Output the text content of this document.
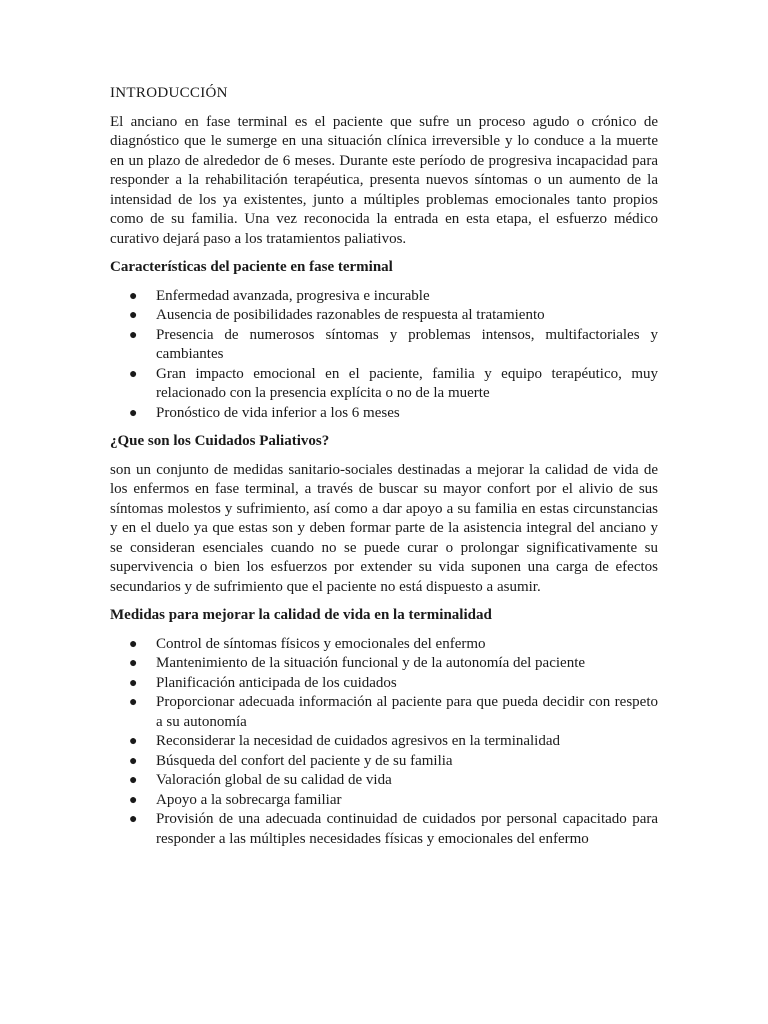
INTRODUCCIÓN

El anciano en fase terminal es el paciente que sufre un proceso agudo o crónico de diagnóstico que le sumerge en una situación clínica irreversible y lo conduce a la muerte en un plazo de alrededor de 6 meses. Durante este período de progresiva incapacidad para responder a la rehabilitación terapéutica, presenta nuevos síntomas o un aumento de la intensidad de los ya existentes, junto a múltiples problemas emocionales tanto propios como de su familia. Una vez reconocida la entrada en esta etapa, el esfuerzo médico curativo dejará paso a los tratamientos paliativos.

Características del paciente en fase terminal
● Enfermedad avanzada, progresiva e incurable
● Ausencia de posibilidades razonables de respuesta al tratamiento
● Presencia de numerosos síntomas y problemas intensos, multifactoriales y cambiantes
● Gran impacto emocional en el paciente, familia y equipo terapéutico, muy relacionado con la presencia explícita o no de la muerte
● Pronóstico de vida inferior a los 6 meses
¿Que son los Cuidados Paliativos?

son un conjunto de medidas sanitario-sociales destinadas a mejorar la calidad de vida de los enfermos en fase terminal, a través de buscar su mayor confort por el alivio de sus síntomas molestos y sufrimiento, así como a dar apoyo a su familia en estas circunstancias y en el duelo ya que estas son y deben formar parte de la asistencia integral del anciano y se consideran esenciales cuando no se puede curar o prolongar significativamente su supervivencia o bien los esfuerzos por extender su vida suponen una carga de efectos secundarios y de sufrimiento que el paciente no está dispuesto a asumir.

Medidas para mejorar la calidad de vida en la terminalidad
● Control de síntomas físicos y emocionales del enfermo
● Mantenimiento de la situación funcional y de la autonomía del paciente
● Planificación anticipada de los cuidados
● Proporcionar adecuada información al paciente para que pueda decidir con respeto a su autonomía
● Reconsiderar la necesidad de cuidados agresivos en la terminalidad
● Búsqueda del confort del paciente y de su familia
● Valoración global de su calidad de vida
● Apoyo a la sobrecarga familiar
● Provisión de una adecuada continuidad de cuidados por personal capacitado para responder a las múltiples necesidades físicas y emocionales del enfermo
